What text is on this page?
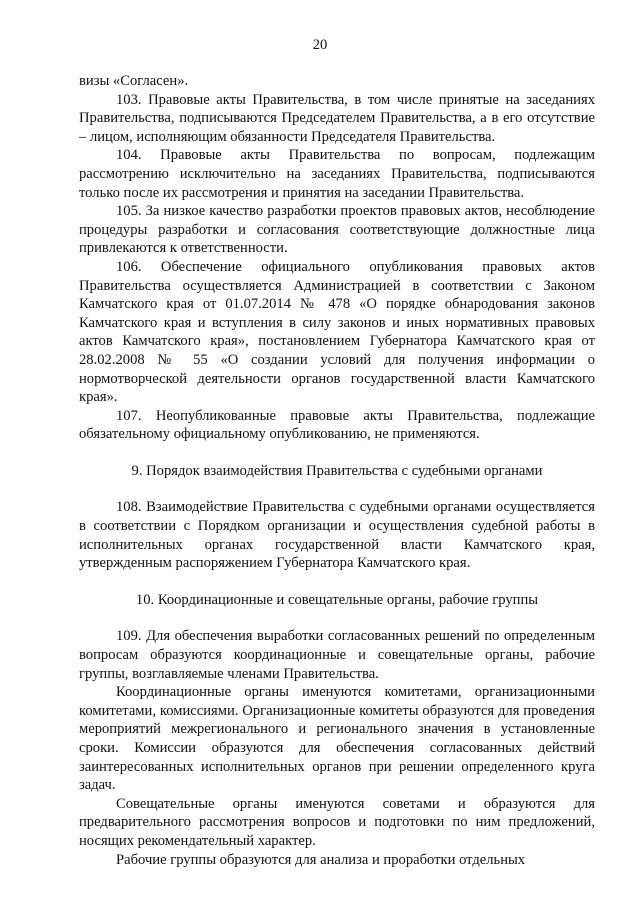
20

визы «Согласен».

103. Правовые акты Правительства, в том числе принятые на заседаниях Правительства, подписываются Председателем Правительства, а в его отсутствие – лицом, исполняющим обязанности Председателя Правительства.

104. Правовые акты Правительства по вопросам, подлежащим рассмотрению исключительно на заседаниях Правительства, подписываются только после их рассмотрения и принятия на заседании Правительства.

105. За низкое качество разработки проектов правовых актов, несоблюдение процедуры разработки и согласования соответствующие должностные лица привлекаются к ответственности.

106. Обеспечение официального опубликования правовых актов Правительства осуществляется Администрацией в соответствии с Законом Камчатского края от 01.07.2014 № 478 «О порядке обнародования законов Камчатского края и вступления в силу законов и иных нормативных правовых актов Камчатского края», постановлением Губернатора Камчатского края от 28.02.2008 № 55 «О создании условий для получения информации о нормотворческой деятельности органов государственной власти Камчатского края».

107. Неопубликованные правовые акты Правительства, подлежащие обязательному официальному опубликованию, не применяются.

9. Порядок взаимодействия Правительства с судебными органами

108. Взаимодействие Правительства с судебными органами осуществляется в соответствии с Порядком организации и осуществления судебной работы в исполнительных органах государственной власти Камчатского края, утвержденным распоряжением Губернатора Камчатского края.

10. Координационные и совещательные органы, рабочие группы

109. Для обеспечения выработки согласованных решений по определенным вопросам образуются координационные и совещательные органы, рабочие группы, возглавляемые членами Правительства.

Координационные органы именуются комитетами, организационными комитетами, комиссиями. Организационные комитеты образуются для проведения мероприятий межрегионального и регионального значения в установленные сроки. Комиссии образуются для обеспечения согласованных действий заинтересованных исполнительных органов при решении определенного круга задач.

Совещательные органы именуются советами и образуются для предварительного рассмотрения вопросов и подготовки по ним предложений, носящих рекомендательный характер.

Рабочие группы образуются для анализа и проработки отдельных
